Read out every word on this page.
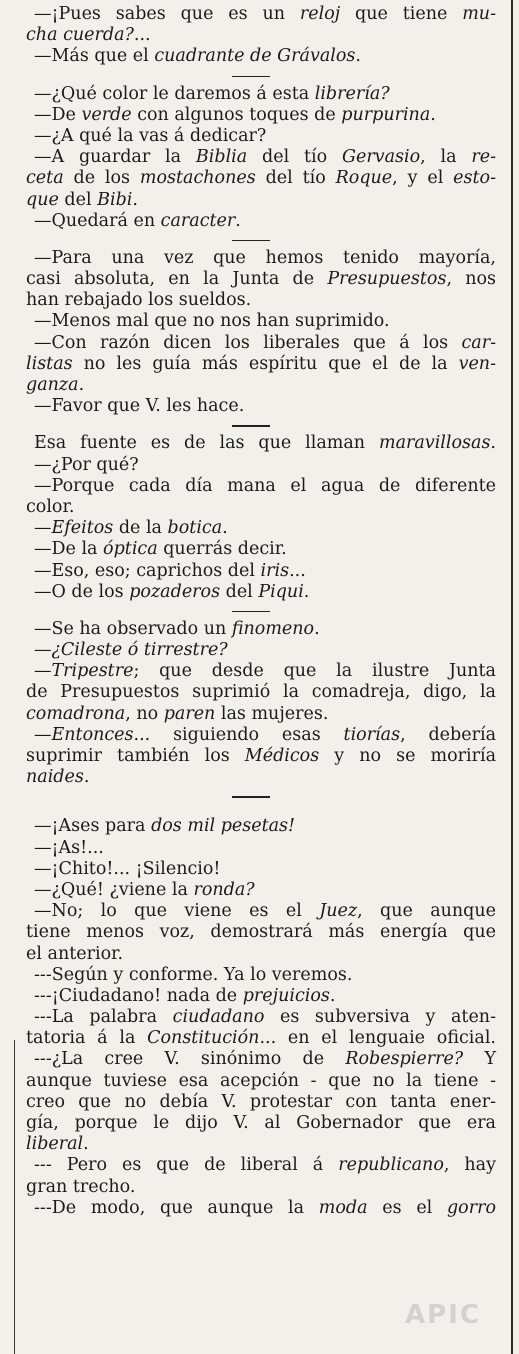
—¡Pues sabes que es un reloj que tiene mu-
cha cuerda?...
—Más que el cuadrante de Grávalos.
—¿Qué color le daremos á esta librería?
—De verde con algunos toques de purpurina.
—¿A qué la vas á dedicar?
—A guardar la Biblia del tío Gervasio, la re-
ceta de los mostachones del tío Roque, y el esto-
que del Bibi.
—Quedará en caracter.
—Para una vez que hemos tenido mayoría,
casi absoluta, en la Junta de Presupuestos, nos
han rebajado los sueldos.
—Menos mal que no nos han suprimido.
—Con razón dicen los liberales que á los car-
listas no les guía más espíritu que el de la ven-
ganza.
—Favor que V. les hace.
Esa fuente es de las que llaman maravillosas.
—¿Por qué?
—Porque cada día mana el agua de diferente
color.
—Efeitos de la botica.
—De la óptica querrás decir.
—Eso, eso; caprichos del iris...
—O de los pozaderos del Piqui.
—Se ha observado un finomeno.
—¿Cileste ó tirrestre?
—Tripestre; que desde que la ilustre Junta
de Presupuestos suprimió la comadreja, digo, la
comadrona, no paren las mujeres.
—Entonces... siguiendo esas tiorías, debería
suprimir también los Médicos y no se moriría
naides.
—¡Ases para dos mil pesetas!
—¡As!...
—¡Chito!... ¡Silencio!
—¿Qué! ¿viene la ronda?
—No; lo que viene es el Juez, que aunque
tiene menos voz, demostrará más energía que
el anterior.
---Según y conforme. Ya lo veremos.
---¡Ciudadano! nada de prejuicios.
---La palabra ciudadano es subversiva y aten-
tatoria á la Constitución... en el lenguaie oficial.
---¿La cree V. sinónimo de Robespierre? Y
aunque tuviese esa acepción - que no la tiene -
creo que no debía V. protestar con tanta ener-
gía, porque le dijo V. al Gobernador que era
liberal.
--- Pero es que de liberal á republicano, hay
gran trecho.
---De modo, que aunque la moda es el gorro
APIC
